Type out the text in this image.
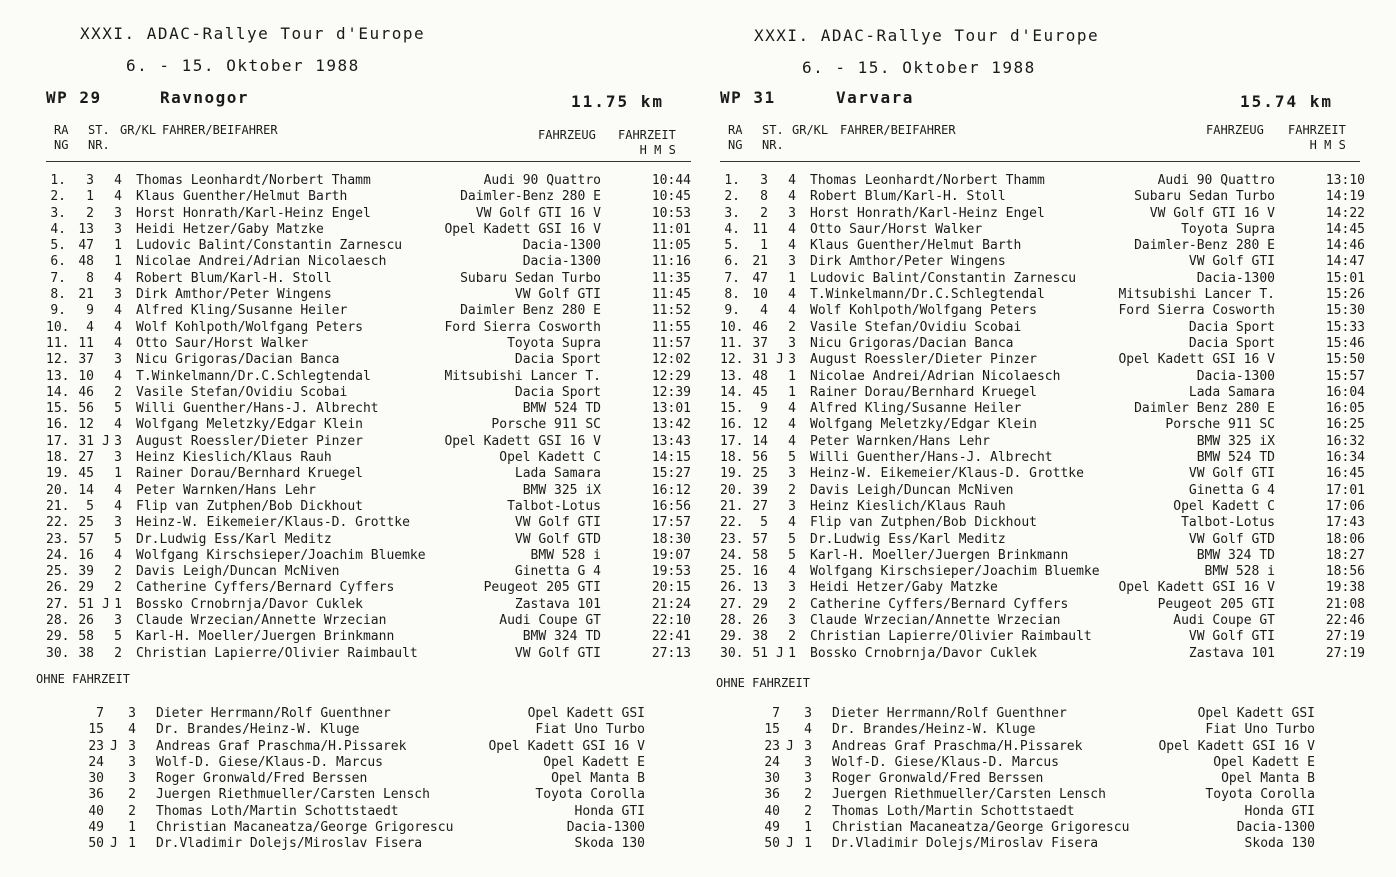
XXXI. ADAC-Rallye Tour d'Europe
6. - 15. Oktober 1988
WP 29	Ravnogor	11.75 km
RA
NG
ST.
NR.
GR/KL FAHRER/BEIFAHRER	FAHRZEUG FAHRZEIT
H M S
1.	3 4 Thomas Leonhardt/Norbert Thamm	Audi 90 Quattro	10:44
2.	1 4 Klaus Guenther/Helmut Barth	Daimler-Benz 280 E	10:45
3.	2 3 Horst Honrath/Karl-Heinz Engel	VW Golf GTI 16 V	10:53
4. 13 3 Heidi Hetzer/Gaby Matzke	Opel Kadett GSI 16 V	11:01
5. 47 1 Ludovic Balint/Constantin Zarnescu	Dacia-1300	11:05
6. 48 1 Nicolae Andrei/Adrian Nicolaesch	Dacia-1300	11:16
7.	8 4 Robert Blum/Karl-H. Stoll	Subaru Sedan Turbo	11:35
8. 21 3 Dirk Amthor/Peter Wingens	VW Golf GTI	11:45
9.	9 4 Alfred Kling/Susanne Heiler	Daimler Benz 280 E	11:52
10.	4 4 Wolf Kohlpoth/Wolfgang Peters	Ford Sierra Cosworth	11:55
11. 11 4 Otto Saur/Horst Walker	Toyota Supra	11:57
12. 37 3 Nicu Grigoras/Dacian Banca	Dacia Sport	12:02
13. 10 4 T.Winkelmann/Dr.C.Schlegtendal	Mitsubishi Lancer T.	12:29
14. 46 2 Vasile Stefan/Ovidiu Scobai	Dacia Sport	12:39
15. 56 5 Willi Guenther/Hans-J. Albrecht	BMW 524 TD	13:01
16. 12 4 Wolfgang Meletzky/Edgar Klein	Porsche 911 SC	13:42
17. 31 J 3 August Roessler/Dieter Pinzer	Opel Kadett GSI 16 V	13:43
18. 27 3 Heinz Kieslich/Klaus Rauh	Opel Kadett C	14:15
19. 45 1 Rainer Dorau/Bernhard Kruegel	Lada Samara	15:27
20. 14 4 Peter Warnken/Hans Lehr	BMW 325 iX	16:12
21.	5 4 Flip van Zutphen/Bob Dickhout	Talbot-Lotus	16:56
22. 25 3 Heinz-W. Eikemeier/Klaus-D. Grottke	VW Golf GTI	17:57
23. 57 5 Dr.Ludwig Ess/Karl Meditz	VW Golf GTD	18:30
24. 16 4 Wolfgang Kirschsieper/Joachim Bluemke	BMW 528 i	19:07
25. 39 2 Davis Leigh/Duncan McNiven	Ginetta G 4	19:53
26. 29 2 Catherine Cyffers/Bernard Cyffers	Peugeot 205 GTI	20:15
27. 51 J 1 Bossko Crnobrnja/Davor Cuklek	Zastava 101	21:24
28. 26 3 Claude Wrzecian/Annette Wrzecian	Audi Coupe GT	22:10
29. 58 5 Karl-H. Moeller/Juergen Brinkmann	BMW 324 TD	22:41
30. 38 2 Christian Lapierre/Olivier Raimbault	VW Golf GTI	27:13
OHNE FAHRZEIT
7 3 Dieter Herrmann/Rolf Guenthner	Opel Kadett GSI
15 4 Dr. Brandes/Heinz-W. Kluge	Fiat Uno Turbo
23 J 3 Andreas Graf Praschma/H.Pissarek	Opel Kadett GSI 16 V
24 3 Wolf-D. Giese/Klaus-D. Marcus	Opel Kadett E
30 3 Roger Gronwald/Fred Berssen	Opel Manta B
36 2 Juergen Riethmueller/Carsten Lensch	Toyota Corolla
40 2 Thomas Loth/Martin Schottstaedt	Honda GTI
49 1 Christian Macaneatza/George Grigorescu	Dacia-1300
50 J 1 Dr.Vladimir Dolejs/Miroslav Fisera	Skoda 130
XXXI. ADAC-Rallye Tour d'Europe
6. - 15. Oktober 1988
WP 31	Varvara	15.74 km
RA
NG
ST.
NR.
GR/KL FAHRER/BEIFAHRER	FAHRZEUG FAHRZEIT
H M S
1.	3 4 Thomas Leonhardt/Norbert Thamm	Audi 90 Quattro	13:10
2.	8 4 Robert Blum/Karl-H. Stoll	Subaru Sedan Turbo	14:19
3.	2 3 Horst Honrath/Karl-Heinz Engel	VW Golf GTI 16 V	14:22
4. 11 4 Otto Saur/Horst Walker	Toyota Supra	14:45
5.	1 4 Klaus Guenther/Helmut Barth	Daimler-Benz 280 E	14:46
6. 21 3 Dirk Amthor/Peter Wingens	VW Golf GTI	14:47
7. 47 1 Ludovic Balint/Constantin Zarnescu	Dacia-1300	15:01
8. 10 4 T.Winkelmann/Dr.C.Schlegtendal	Mitsubishi Lancer T.	15:26
9.	4 4 Wolf Kohlpoth/Wolfgang Peters	Ford Sierra Cosworth	15:30
10. 46 2 Vasile Stefan/Ovidiu Scobai	Dacia Sport	15:33
11. 37 3 Nicu Grigoras/Dacian Banca	Dacia Sport	15:46
12. 31 J 3 August Roessler/Dieter Pinzer	Opel Kadett GSI 16 V	15:50
13. 48 1 Nicolae Andrei/Adrian Nicolaesch	Dacia-1300	15:57
14. 45 1 Rainer Dorau/Bernhard Kruegel	Lada Samara	16:04
15.	9 4 Alfred Kling/Susanne Heiler	Daimler Benz 280 E	16:05
16. 12 4 Wolfgang Meletzky/Edgar Klein	Porsche 911 SC	16:25
17. 14 4 Peter Warnken/Hans Lehr	BMW 325 iX	16:32
18. 56 5 Willi Guenther/Hans-J. Albrecht	BMW 524 TD	16:34
19. 25 3 Heinz-W. Eikemeier/Klaus-D. Grottke	VW Golf GTI	16:45
20. 39 2 Davis Leigh/Duncan McNiven	Ginetta G 4	17:01
21. 27 3 Heinz Kieslich/Klaus Rauh	Opel Kadett C	17:06
22.	5 4 Flip van Zutphen/Bob Dickhout	Talbot-Lotus	17:43
23. 57 5 Dr.Ludwig Ess/Karl Meditz	VW Golf GTD	18:06
24. 58 5 Karl-H. Moeller/Juergen Brinkmann	BMW 324 TD	18:27
25. 16 4 Wolfgang Kirschsieper/Joachim Bluemke	BMW 528 i	18:56
26. 13 3 Heidi Hetzer/Gaby Matzke	Opel Kadett GSI 16 V	19:38
27. 29 2 Catherine Cyffers/Bernard Cyffers	Peugeot 205 GTI	21:08
28. 26 3 Claude Wrzecian/Annette Wrzecian	Audi Coupe GT	22:46
29. 38 2 Christian Lapierre/Olivier Raimbault	VW Golf GTI	27:19
30. 51 J 1 Bossko Crnobrnja/Davor Cuklek	Zastava 101	27:19
OHNE FAHRZEIT
7 3 Dieter Herrmann/Rolf Guenthner	Opel Kadett GSI
15 4 Dr. Brandes/Heinz-W. Kluge	Fiat Uno Turbo
23 J 3 Andreas Graf Praschma/H.Pissarek	Opel Kadett GSI 16 V
24 3 Wolf-D. Giese/Klaus-D. Marcus	Opel Kadett E
30 3 Roger Gronwald/Fred Berssen	Opel Manta B
36 2 Juergen Riethmueller/Carsten Lensch	Toyota Corolla
40 2 Thomas Loth/Martin Schottstaedt	Honda GTI
49 1 Christian Macaneatza/George Grigorescu	Dacia-1300
50 J 1 Dr.Vladimir Dolejs/Miroslav Fisera	Skoda 130
